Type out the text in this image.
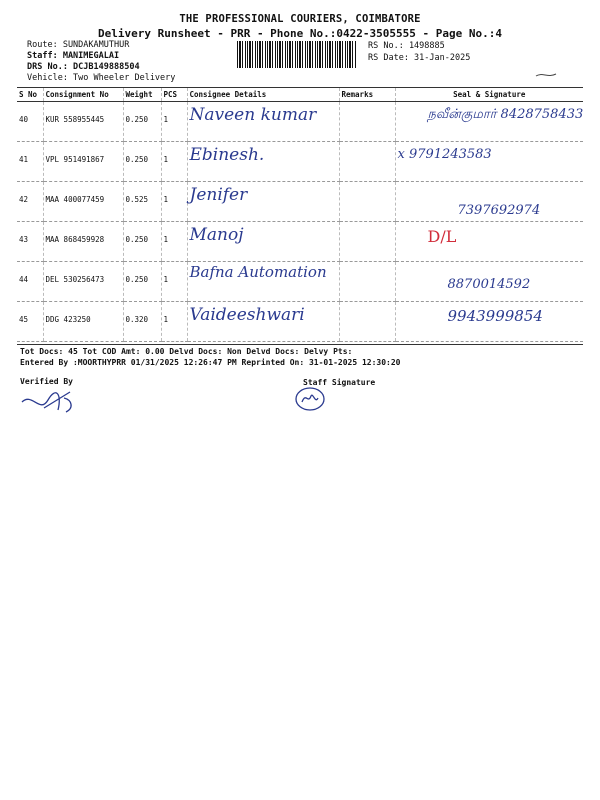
THE PROFESSIONAL COURIERS, COIMBATORE
Delivery Runsheet - PRR - Phone No.:0422-3505555 - Page No.:4
Route: SUNDAKAMUTHUR
Staff: MANIMEGALAI
DRS No.: DCJB149888504
Vehicle: Two Wheeler Delivery
RS No.: 1498885
RS Date: 31-Jan-2025
S No	Consignment No	Weight	PCS	Consignee Details	Remarks	Seal & Signature
40	KUR 558955445	0.250	1	Naveen kumar		நவீன்குமார் 8428758433

41	VPL 951491867	0.250	1	Ebinesh.		x 9791243583

42	MAA 400077459	0.525	1	Jenifer		7397692974

43	MAA 868459928	0.250	1	Manoj		D/L

44	DEL 530256473	0.250	1	Bafna Automation		8870014592

45	DDG 423250	0.320	1	Vaideeshwari		9943999854
Tot Docs: 45 Tot COD Amt: 0.00 Delvd Docs: Non Delvd Docs: Delvy Pts:
Entered By :MOORTHYPRR 01/31/2025 12:26:47 PM Reprinted On: 31-01-2025 12:30:20
Verified By	Staff Signature
